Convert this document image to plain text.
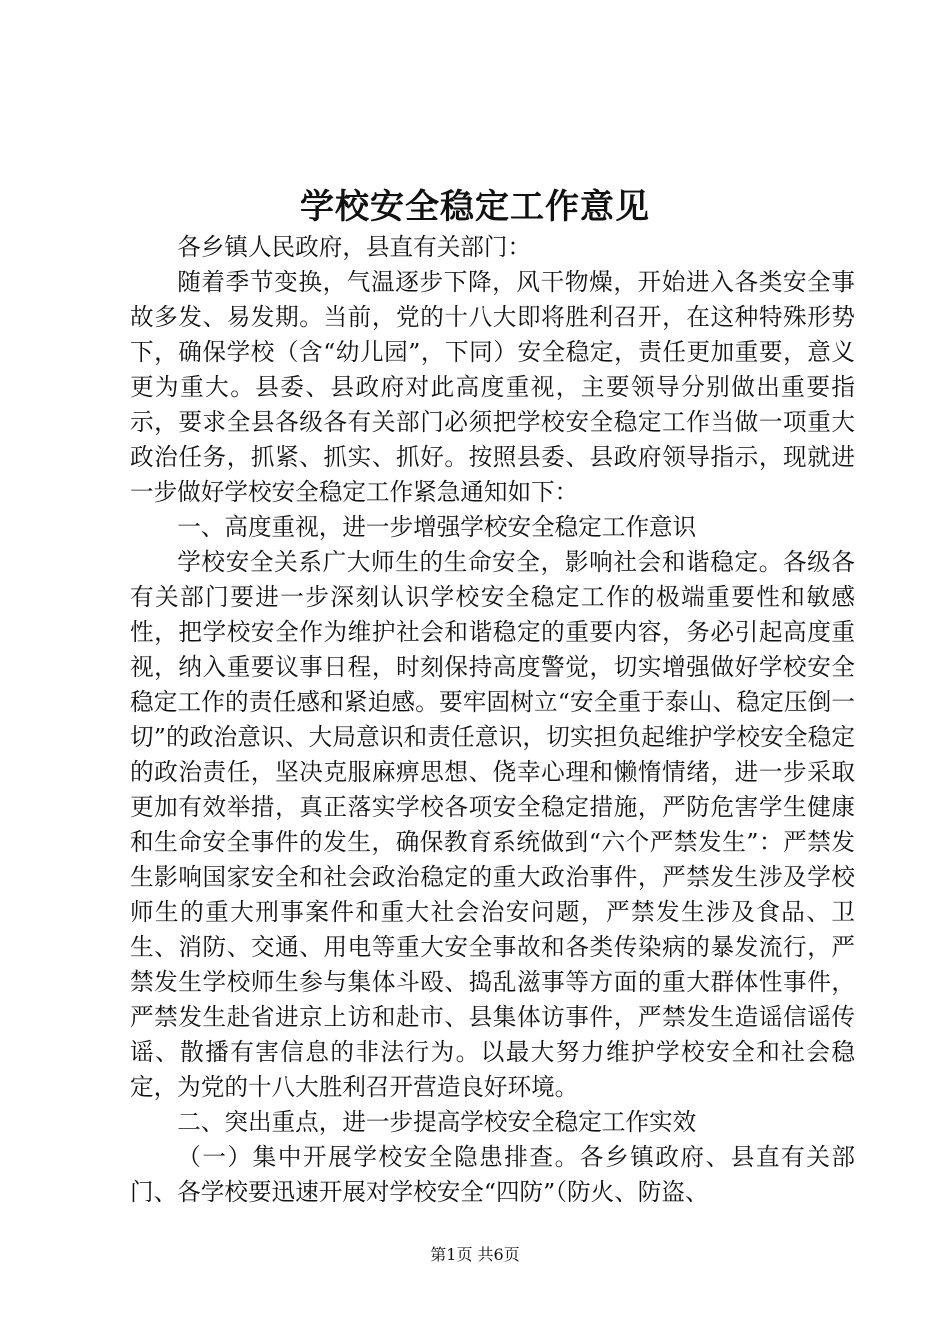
学校安全稳定工作意见

各乡镇人民政府，县直有关部门：

随着季节变换，气温逐步下降，风干物燥，开始进入各类安全事故多发、易发期。当前，党的十八大即将胜利召开，在这种特殊形势下，确保学校（含“幼儿园”，下同）安全稳定，责任更加重要，意义更为重大。县委、县政府对此高度重视，主要领导分别做出重要指示，要求全县各级各有关部门必须把学校安全稳定工作当做一项重大政治任务，抓紧、抓实、抓好。按照县委、县政府领导指示，现就进一步做好学校安全稳定工作紧急通知如下：

一、高度重视，进一步增强学校安全稳定工作意识

学校安全关系广大师生的生命安全，影响社会和谐稳定。各级各有关部门要进一步深刻认识学校安全稳定工作的极端重要性和敏感性，把学校安全作为维护社会和谐稳定的重要内容，务必引起高度重视，纳入重要议事日程，时刻保持高度警觉，切实增强做好学校安全稳定工作的责任感和紧迫感。要牢固树立“安全重于泰山、稳定压倒一切”的政治意识、大局意识和责任意识，切实担负起维护学校安全稳定的政治责任，坚决克服麻痹思想、侥幸心理和懒惰情绪，进一步采取更加有效举措，真正落实学校各项安全稳定措施，严防危害学生健康和生命安全事件的发生，确保教育系统做到“六个严禁发生”：严禁发生影响国家安全和社会政治稳定的重大政治事件，严禁发生涉及学校师生的重大刑事案件和重大社会治安问题，严禁发生涉及食品、卫生、消防、交通、用电等重大安全事故和各类传染病的暴发流行，严禁发生学校师生参与集体斗殴、捣乱滋事等方面的重大群体性事件，严禁发生赴省进京上访和赴市、县集体访事件，严禁发生造谣信谣传谣、散播有害信息的非法行为。以最大努力维护学校安全和社会稳定，为党的十八大胜利召开营造良好环境。

二、突出重点，进一步提高学校安全稳定工作实效

（一）集中开展学校安全隐患排查。各乡镇政府、县直有关部门、各学校要迅速开展对学校安全“四防”（防火、防盗、

第1页 共6页
